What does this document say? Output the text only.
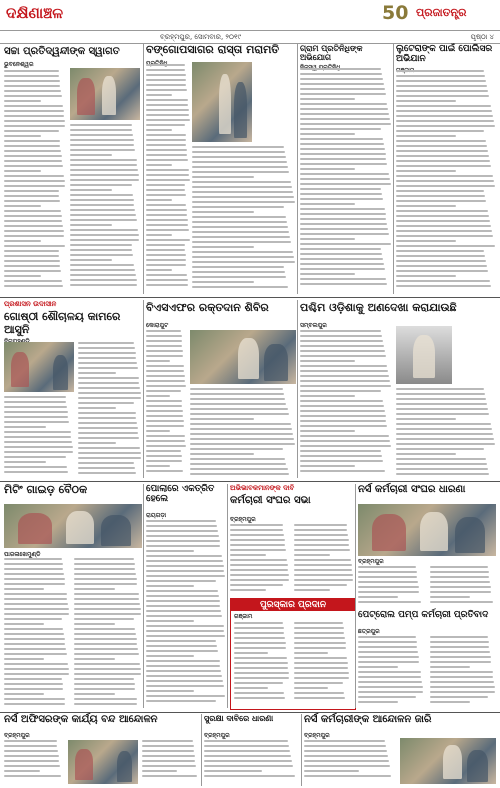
ଦକ୍ଷିଣାଞ୍ଚଳ	50 ପ୍ରଜାତନ୍ତ୍ର
ବ୍ରହ୍ମପୁର, ସୋମବାର, ୨୦୧୯	ପୃଷ୍ଠା ୪
ସଚ୍ଚା ପ୍ରତିଦ୍ୱନ୍ଦୀଙ୍କ ସ୍ୱାଗତ
ଭୁବନେଶ୍ୱର
ବଙ୍ଗୋପସାଗର ରାସ୍ତା ମରାମତି	ଗ୍ରାମ ପ୍ରତିନିଧିଙ୍କ ଅଭିଯୋଗ
ଲୁଟେରାଙ୍କ ପାଇଁ ପୋଲିସର ଅଭିଯାନ
ପ୍ରଶାସନ ଉଦାସୀନ
ଗୋଷ୍ଠୀ ଶୌଚାଳୟ କାମରେ ଆସୁନି
ବିଏସଏଫର ରକ୍ତଦାନ ଶିବିର
କୋରାପୁଟ
ପଶ୍ଚିମ ଓଡ଼ିଶାକୁ ଅଣଦେଖା କରାଯାଉଛି
ସମ୍ବଲପୁର
ମିଟିଂ ଗାଇଡ଼ ବୈଠକ
ପାରଳାଖେମୁଣ୍ଡି
ପୋଲାରେ ଏକତ୍ରିତ ହେଲେ
ରାୟଗଡ଼ା
ଅଭିଭାବକମାନଙ୍କ ଦାବି
କର୍ମଚାରୀ ସଂଘର ସଭା
ବ୍ରହ୍ମପୁର
ପୁରସ୍କାର ପ୍ରଦାନ
ଗଞ୍ଜାମ
ନର୍ସ କର୍ମଚାରୀ ସଂଘର ଧାରଣା
ବ୍ରହ୍ମପୁର
ପେଟ୍ରୋଲ ପମ୍ପ କର୍ମଚାରୀ ପ୍ରତିବାଦ
ଛତ୍ରପୁର
ନର୍ସ ଅଫିସରଙ୍କ କାର୍ଯ୍ୟ ବନ୍ଦ ଆନ୍ଦୋଳନ
ବ୍ରହ୍ମପୁର
ସୁରକ୍ଷା ଦାବିରେ ଧାରଣା
ବ୍ରହ୍ମପୁର
ନର୍ସ କର୍ମଚାରୀଙ୍କ ଆନ୍ଦୋଳନ ଜାରି
ବ୍ରହ୍ମପୁର
